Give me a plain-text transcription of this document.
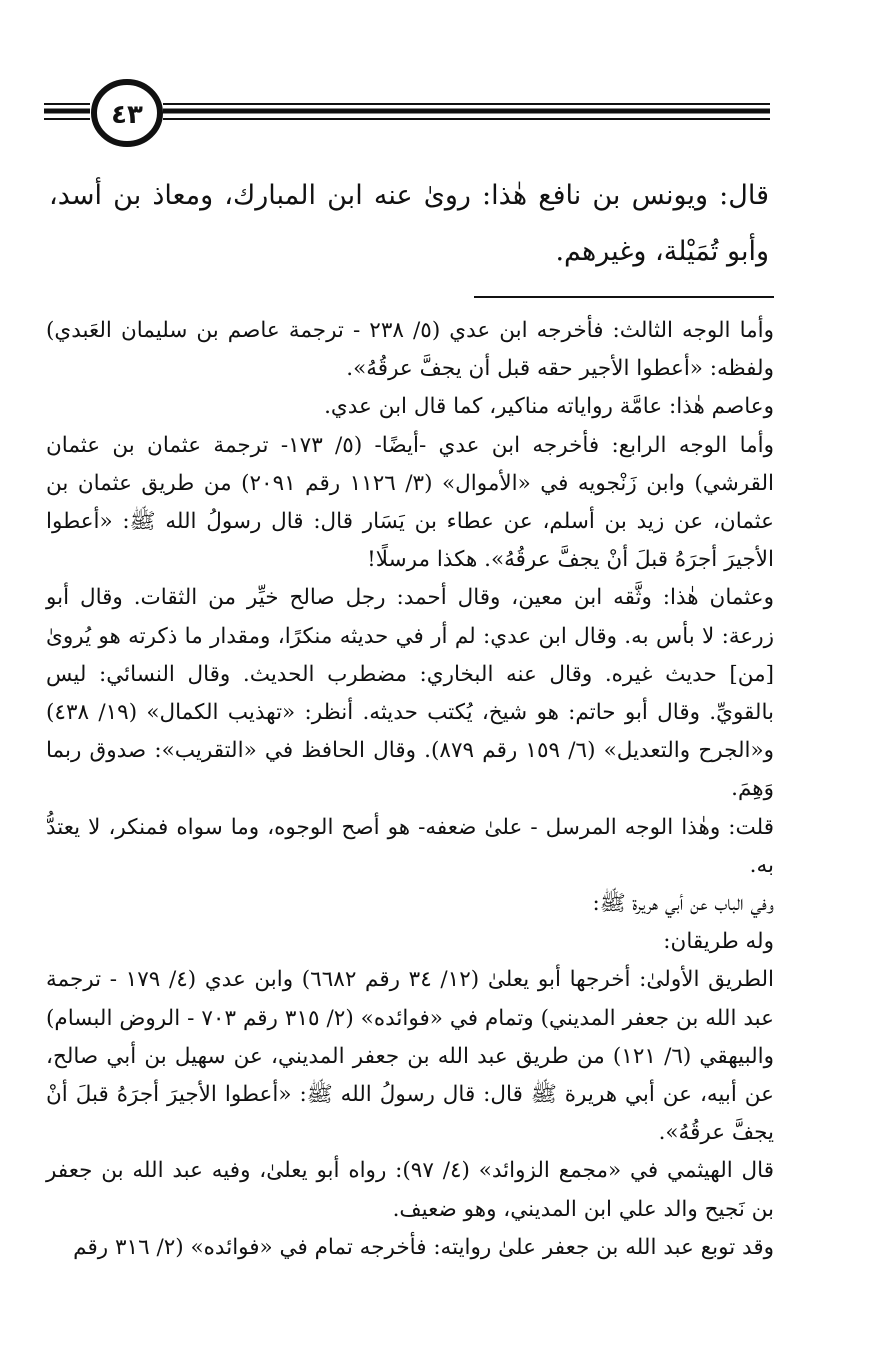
٤٣
قال: ويونس بن نافع هٰذا: روىٰ عنه ابن المبارك، ومعاذ بن أسد، وأبو تُمَيْلة، وغيرهم.

وأما الوجه الثالث: فأخرجه ابن عدي (٥/ ٢٣٨ - ترجمة عاصم بن سليمان العَبدي) ولفظه: «أعطوا الأجير حقه قبل أن يجفَّ عرقُهُ».

وعاصم هٰذا: عامَّة رواياته مناكير، كما قال ابن عدي.

وأما الوجه الرابع: فأخرجه ابن عدي -أيضًا- (٥/ ١٧٣- ترجمة عثمان بن عثمان القرشي) وابن زَنْجويه في «الأموال» (٣/ ١١٢٦ رقم ٢٠٩١) من طريق عثمان بن عثمان، عن زيد بن أسلم، عن عطاء بن يَسَار قال: قال رسولُ الله ﷺ: «أعطوا الأجيرَ أجرَهُ قبلَ أنْ يجفَّ عرقُهُ». هكذا مرسلًا!

وعثمان هٰذا: وثَّقه ابن معين، وقال أحمد: رجل صالح خيِّر من الثقات. وقال أبو زرعة: لا بأس به. وقال ابن عدي: لم أر في حديثه منكرًا، ومقدار ما ذكرته هو يُروىٰ [من] حديث غيره. وقال عنه البخاري: مضطرب الحديث. وقال النسائي: ليس بالقويِّ. وقال أبو حاتم: هو شيخ، يُكتب حديثه. أنظر: «تهذيب الكمال» (١٩/ ٤٣٨) و«الجرح والتعديل» (٦/ ١٥٩ رقم ٨٧٩). وقال الحافظ في «التقريب»: صدوق ربما وَهِمَ.

قلت: وهٰذا الوجه المرسل - علىٰ ضعفه- هو أصح الوجوه، وما سواه فمنكر، لا يعتدُّ به.

وفي الباب عن أبي هريرة ﷺ:

وله طريقان:

الطريق الأولىٰ: أخرجها أبو يعلىٰ (١٢/ ٣٤ رقم ٦٦٨٢) وابن عدي (٤/ ١٧٩ - ترجمة عبد الله بن جعفر المديني) وتمام في «فوائده» (٢/ ٣١٥ رقم ٧٠٣ - الروض البسام) والبيهقي (٦/ ١٢١) من طريق عبد الله بن جعفر المديني، عن سهيل بن أبي صالح، عن أبيه، عن أبي هريرة ﷺ قال: قال رسولُ الله ﷺ: «أعطوا الأجيرَ أجرَهُ قبلَ أنْ يجفَّ عرقُهُ».

قال الهيثمي في «مجمع الزوائد» (٤/ ٩٧): رواه أبو يعلىٰ، وفيه عبد الله بن جعفر بن نَجيح والد علي ابن المديني، وهو ضعيف.

وقد توبع عبد الله بن جعفر علىٰ روايته: فأخرجه تمام في «فوائده» (٢/ ٣١٦ رقم
